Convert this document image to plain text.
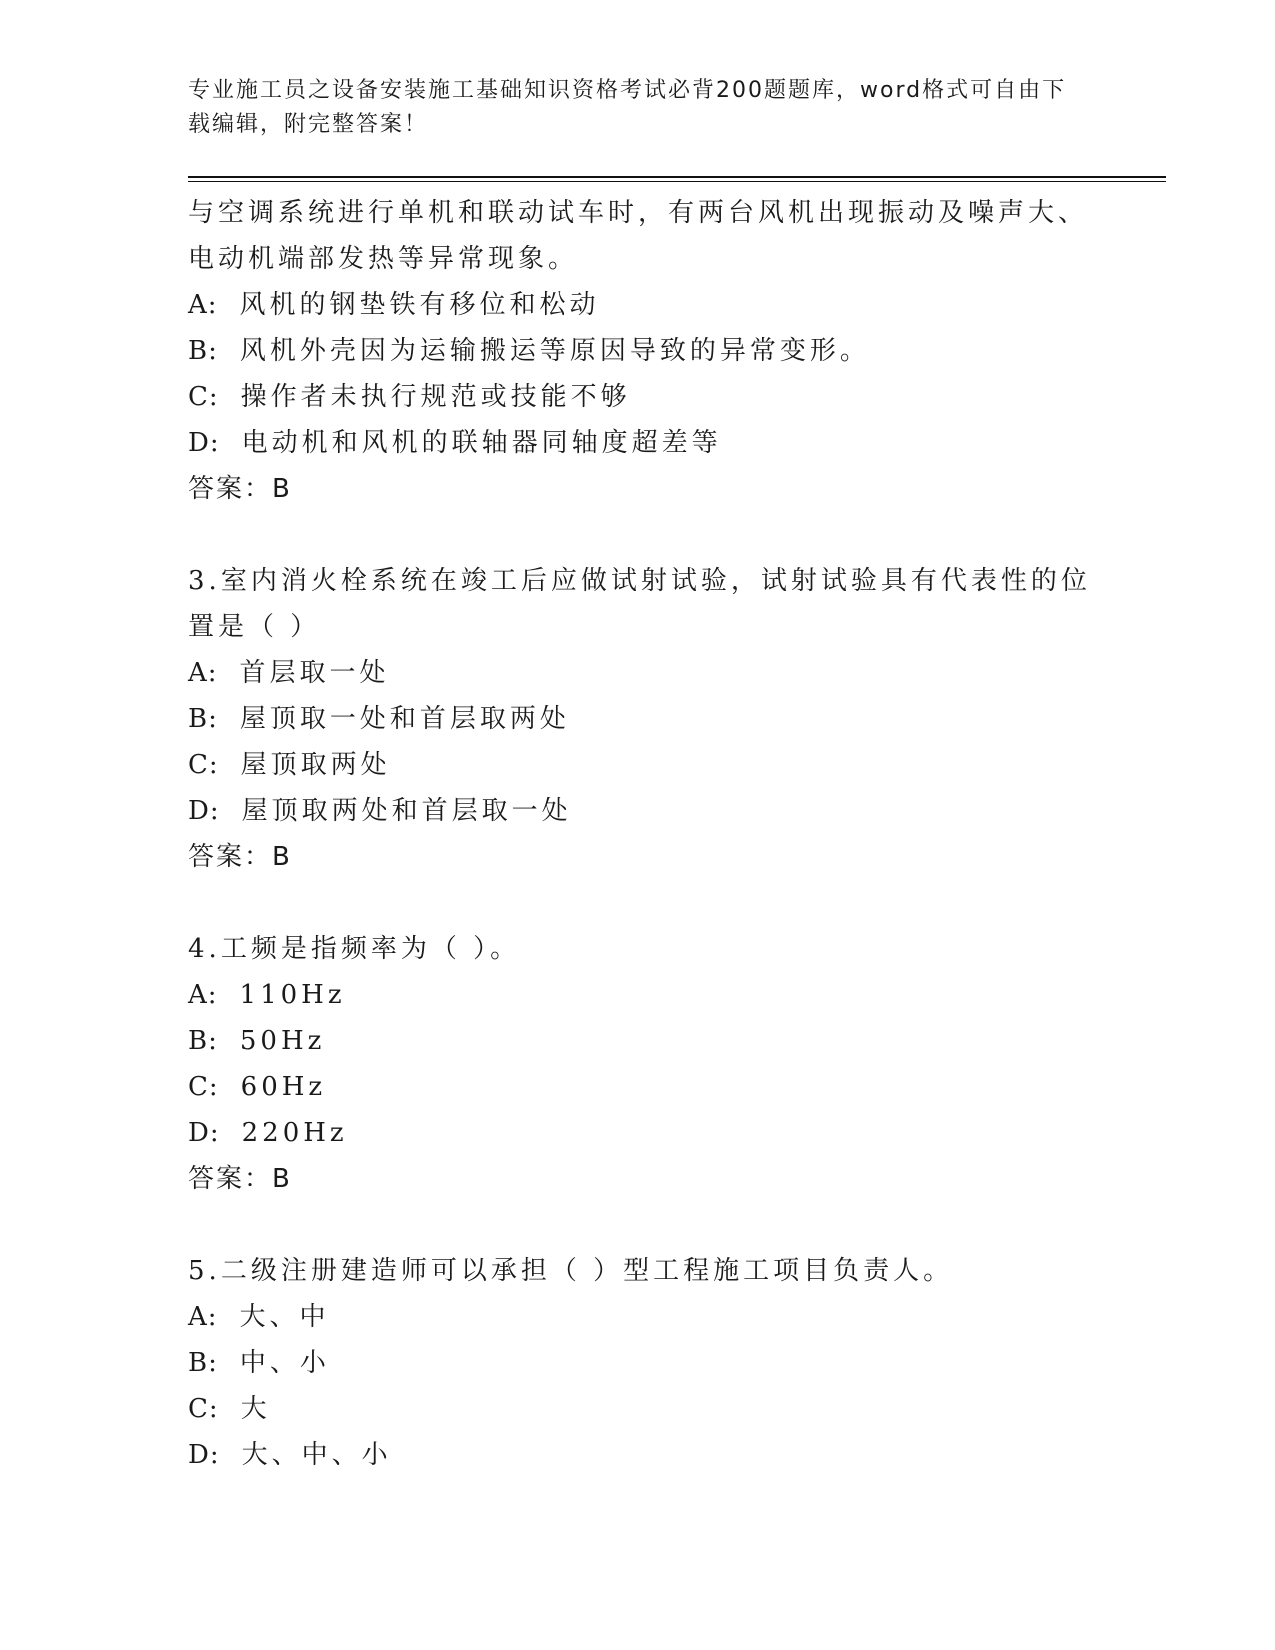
专业施工员之设备安装施工基础知识资格考试必背200题题库，word格式可自由下载编辑，附完整答案！
与空调系统进行单机和联动试车时，有两台风机出现振动及噪声大、
电动机端部发热等异常现象。
A: 风机的钢垫铁有移位和松动
B: 风机外壳因为运输搬运等原因导致的异常变形。
C: 操作者未执行规范或技能不够
D: 电动机和风机的联轴器同轴度超差等
答案：B
3.室内消火栓系统在竣工后应做试射试验，试射试验具有代表性的位
置是（ ）
A: 首层取一处
B: 屋顶取一处和首层取两处
C: 屋顶取两处
D: 屋顶取两处和首层取一处
答案：B
4.工频是指频率为（ ）。
A: 110Hz
B: 50Hz
C: 60Hz
D: 220Hz
答案：B
5.二级注册建造师可以承担（ ）型工程施工项目负责人。
A: 大、中
B: 中、小
C: 大
D: 大、中、小
